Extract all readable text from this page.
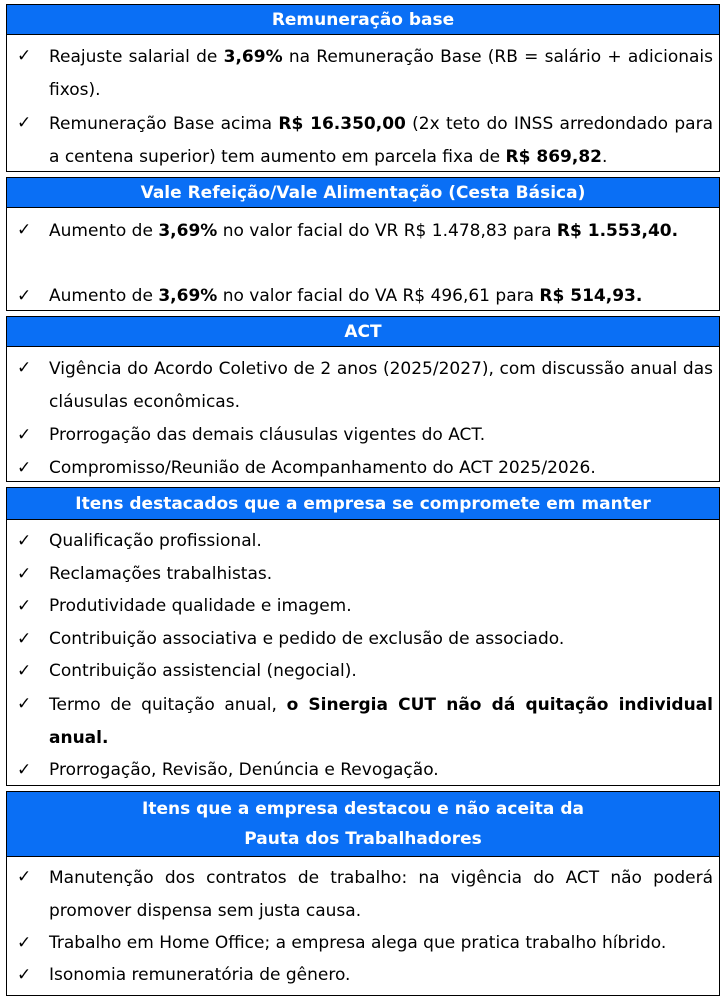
Remuneração base
✓ Reajuste salarial de 3,69% na Remuneração Base (RB = salário + adicionais fixos).
✓ Remuneração Base acima R$ 16.350,00 (2x teto do INSS arredondado para a centena superior) tem aumento em parcela fixa de R$ 869,82.
Vale Refeição/Vale Alimentação (Cesta Básica)
✓ Aumento de 3,69% no valor facial do VR R$ 1.478,83 para R$ 1.553,40.
✓ Aumento de 3,69% no valor facial do VA R$ 496,61 para R$ 514,93.
ACT
✓ Vigência do Acordo Coletivo de 2 anos (2025/2027), com discussão anual das cláusulas econômicas.
✓ Prorrogação das demais cláusulas vigentes do ACT.
✓ Compromisso/Reunião de Acompanhamento do ACT 2025/2026.
Itens destacados que a empresa se compromete em manter
✓ Qualificação profissional.
✓ Reclamações trabalhistas.
✓ Produtividade qualidade e imagem.
✓ Contribuição associativa e pedido de exclusão de associado.
✓ Contribuição assistencial (negocial).
✓ Termo de quitação anual, o Sinergia CUT não dá quitação individual anual.
✓ Prorrogação, Revisão, Denúncia e Revogação.
Itens que a empresa destacou e não aceita da
Pauta dos Trabalhadores
✓ Manutenção dos contratos de trabalho: na vigência do ACT não poderá promover dispensa sem justa causa.
✓ Trabalho em Home Office; a empresa alega que pratica trabalho híbrido.
✓ Isonomia remuneratória de gênero.
